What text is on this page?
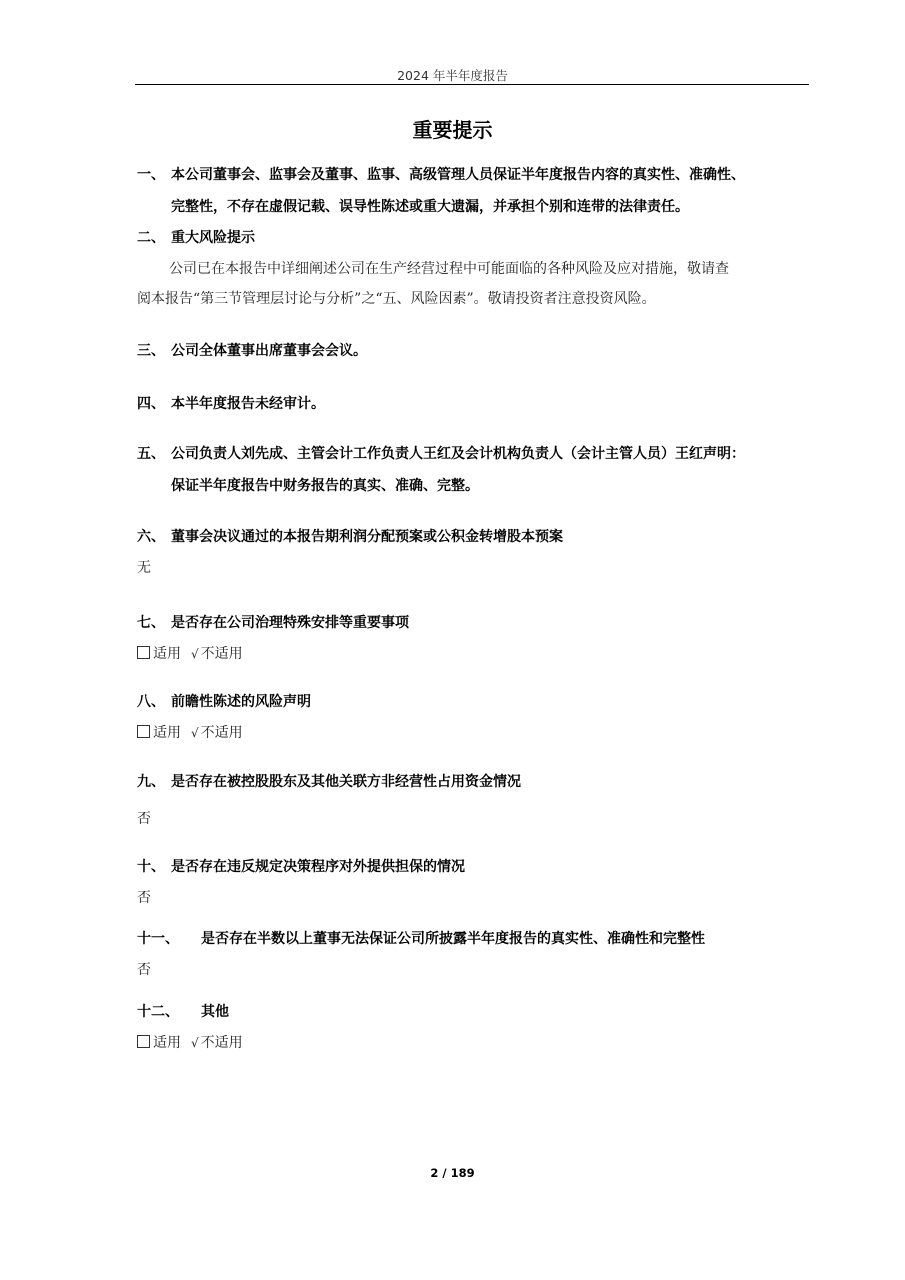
2024 年半年度报告
重要提示
一、 本公司董事会、监事会及董事、监事、高级管理人员保证半年度报告内容的真实性、准确性、
完整性，不存在虚假记载、误导性陈述或重大遗漏，并承担个别和连带的法律责任。
二、 重大风险提示
公司已在本报告中详细阐述公司在生产经营过程中可能面临的各种风险及应对措施，敬请查
阅本报告“第三节管理层讨论与分析”之“五、风险因素”。敬请投资者注意投资风险。
三、 公司全体董事出席董事会会议。
四、 本半年度报告未经审计。
五、 公司负责人刘先成、主管会计工作负责人王红及会计机构负责人（会计主管人员）王红声明：
保证半年度报告中财务报告的真实、准确、完整。
六、 董事会决议通过的本报告期利润分配预案或公积金转增股本预案
无
七、 是否存在公司治理特殊安排等重要事项
适用 √ 不适用
八、 前瞻性陈述的风险声明
适用 √ 不适用
九、 是否存在被控股股东及其他关联方非经营性占用资金情况
否
十、 是否存在违反规定决策程序对外提供担保的情况
否
十一、 是否存在半数以上董事无法保证公司所披露半年度报告的真实性、准确性和完整性
否
十二、 其他
适用 √ 不适用
2 / 189
